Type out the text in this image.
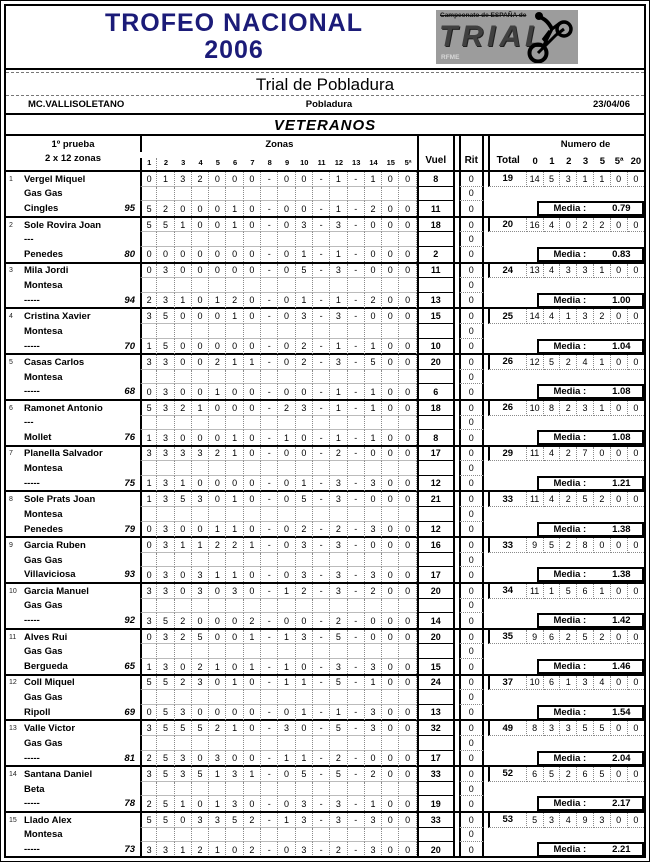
TROFEO NACIONAL
2006
Campeonato de ESPAÑA de
TRIAL
RFME
Trial de Pobladura
MC.VALLISOLETANO	Pobladura	23/04/06
VETERANOS
1º prueba
2 x 12 zonas
Zonas
Vuel	Rit	Total
Numero de
1	2	3	4	5	6	7	8	9	10	11	12	13	14	15	5ª	0	1	2	3	5	5ª 20
1	Vergel Miquel	0	1	3	2	0	0	0	-	0	0	-	1	-	1	0	0	8	0	19	14	5	3	1	1	0	0
Gas Gas	0
Cingles	95	5	2	0	0	0	1	0	-	0	0	-	1	-	2	0	0	11	0	Media :	0.79
2	Sole Rovira Joan	5	5	1	0	0	1	0	-	0	3	-	3	-	0	0	0	18	0	20	16	4	0	2	2	0	0
---	0
Penedes	80	0	0	0	0	0	0	0	-	0	1	-	1	-	0	0	0	2	0	Media :	0.83
3	Mila Jordi	0	3	0	0	0	0	0	-	0	5	-	3	-	0	0	0	11	0	24	13	4	3	3	1	0	0
Montesa	0
-----	94	2	3	1	0	1	2	0	-	0	1	-	1	-	2	0	0	13	0	Media :	1.00
4	Cristina Xavier	3	5	0	0	0	1	0	-	0	3	-	3	-	0	0	0	15	0	25	14	4	1	3	2	0	0
Montesa	0
-----	70	1	5	0	0	0	0	0	-	0	2	-	1	-	1	0	0	10	0	Media :	1.04
5	Casas Carlos	3	3	0	0	2	1	1	-	0	2	-	3	-	5	0	0	20	0	26	12	5	2	4	1	0	0
Montesa	0
-----	68	0	3	0	0	1	0	0	-	0	0	-	1	-	1	0	0	6	0	Media :	1.08
6	Ramonet Antonio	5	3	2	1	0	0	0	-	2	3	-	1	-	1	0	0	18	0	26	10	8	2	3	1	0	0
---	0
Mollet	76	1	3	0	0	0	1	0	-	1	0	-	1	-	1	0	0	8	0	Media :	1.08
7	Planella Salvador	3	3	3	3	2	1	0	-	0	0	-	2	-	0	0	0	17	0	29	11	4	2	7	0	0	0
Montesa	0
-----	75	1	3	1	0	0	0	0	-	0	1	-	3	-	3	0	0	12	0	Media :	1.21
8	Sole Prats Joan	1	3	5	3	0	1	0	-	0	5	-	3	-	0	0	0	21	0	33	11	4	2	5	2	0	0
Montesa	0
Penedes	79	0	3	0	0	1	1	0	-	0	2	-	2	-	3	0	0	12	0	Media :	1.38
9	Garcia Ruben	0	3	1	1	2	2	1	-	0	3	-	3	-	0	0	0	16	0	33	9	5	2	8	0	0	0
Gas Gas	0
Villaviciosa	93	0	3	0	3	1	1	0	-	0	3	-	3	-	3	0	0	17	0	Media :	1.38
10 Garcia Manuel	3	3	0	3	0	3	0	-	1	2	-	3	-	2	0	0	20	0	34	11	1	5	6	1	0	0
Gas Gas	0
-----	92	3	5	2	0	0	0	2	-	0	0	-	2	-	0	0	0	14	0	Media :	1.42
11 Alves Rui	0	3	2	5	0	0	1	-	1	3	-	5	-	0	0	0	20	0	35	9	6	2	5	2	0	0
Gas Gas	0
Bergueda	65	1	3	0	2	1	0	1	-	1	0	-	3	-	3	0	0	15	0	Media :	1.46
12 Coll Miquel	5	5	2	3	0	1	0	-	1	1	-	5	-	1	0	0	24	0	37	10	6	1	3	4	0	0
Gas Gas	0
Ripoll	69	0	5	3	0	0	0	0	-	0	1	-	1	-	3	0	0	13	0	Media :	1.54
13 Valle Victor	3	5	5	5	2	1	0	-	3	0	-	5	-	3	0	0	32	0	49	8	3	3	5	5	0	0
Gas Gas	0
-----	81	2	5	3	0	3	0	0	-	1	1	-	2	-	0	0	0	17	0	Media :	2.04
14 Santana Daniel	3	5	3	5	1	3	1	-	0	5	-	5	-	2	0	0	33	0	52	6	5	2	6	5	0	0
Beta	0
-----	78	2	5	1	0	1	3	0	-	0	3	-	3	-	1	0	0	19	0	Media :	2.17
15 Llado Alex	5	5	0	3	3	5	2	-	1	3	-	3	-	3	0	0	33	0	53	5	3	4	9	3	0	0
Montesa	0
-----	73	3	3	1	2	1	0	2	-	0	3	-	2	-	3	0	0	20	0	Media :	2.21
